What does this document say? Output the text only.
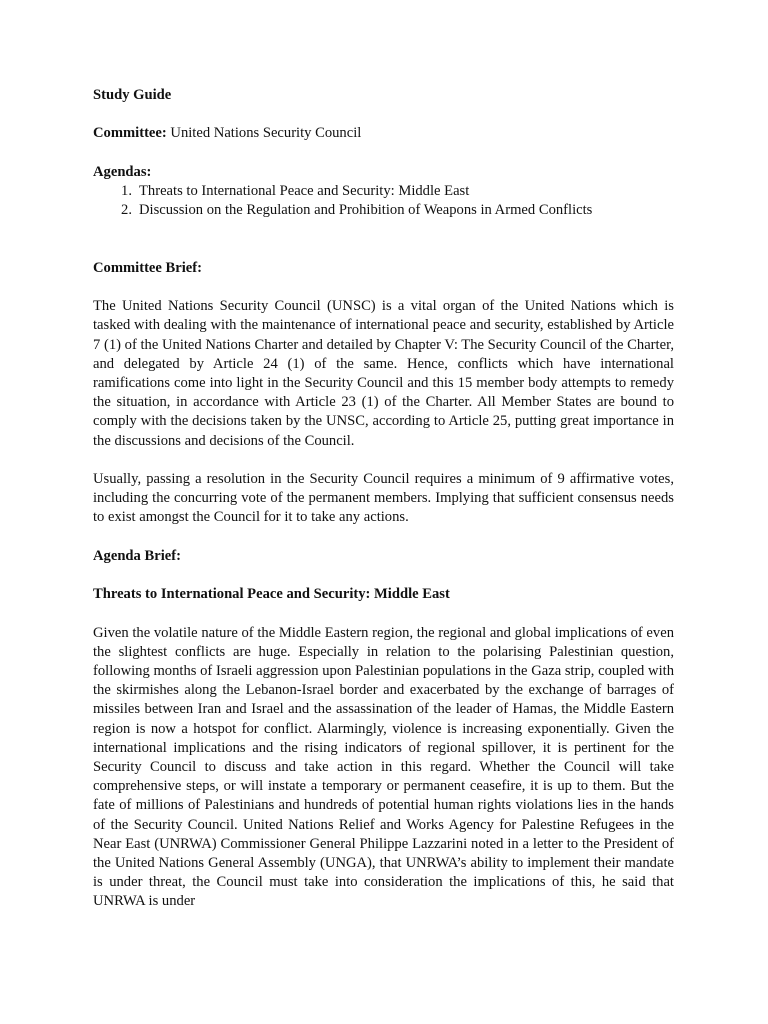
Study Guide

Committee: United Nations Security Council

Agendas:

1. Threats to International Peace and Security: Middle East
2. Discussion on the Regulation and Prohibition of Weapons in Armed Conflicts

Committee Brief:

The United Nations Security Council (UNSC) is a vital organ of the United Nations which is tasked with dealing with the maintenance of international peace and security, established by Article 7 (1) of the United Nations Charter and detailed by Chapter V: The Security Council of the Charter, and delegated by Article 24 (1) of the same. Hence, conflicts which have international ramifications come into light in the Security Council and this 15 member body attempts to remedy the situation, in accordance with Article 23 (1) of the Charter. All Member States are bound to comply with the decisions taken by the UNSC, according to Article 25, putting great importance in the discussions and decisions of the Council.

Usually, passing a resolution in the Security Council requires a minimum of 9 affirmative votes, including the concurring vote of the permanent members. Implying that sufficient consensus needs to exist amongst the Council for it to take any actions.

Agenda Brief:

Threats to International Peace and Security: Middle East

Given the volatile nature of the Middle Eastern region, the regional and global implications of even the slightest conflicts are huge. Especially in relation to the polarising Palestinian question, following months of Israeli aggression upon Palestinian populations in the Gaza strip, coupled with the skirmishes along the Lebanon-Israel border and exacerbated by the exchange of barrages of missiles between Iran and Israel and the assassination of the leader of Hamas, the Middle Eastern region is now a hotspot for conflict. Alarmingly, violence is increasing exponentially. Given the international implications and the rising indicators of regional spillover, it is pertinent for the Security Council to discuss and take action in this regard. Whether the Council will take comprehensive steps, or will instate a temporary or permanent ceasefire, it is up to them. But the fate of millions of Palestinians and hundreds of potential human rights violations lies in the hands of the Security Council. United Nations Relief and Works Agency for Palestine Refugees in the Near East (UNRWA) Commissioner General Philippe Lazzarini noted in a letter to the President of the United Nations General Assembly (UNGA), that UNRWA’s ability to implement their mandate is under threat, the Council must take into consideration the implications of this, he said that UNRWA is under
